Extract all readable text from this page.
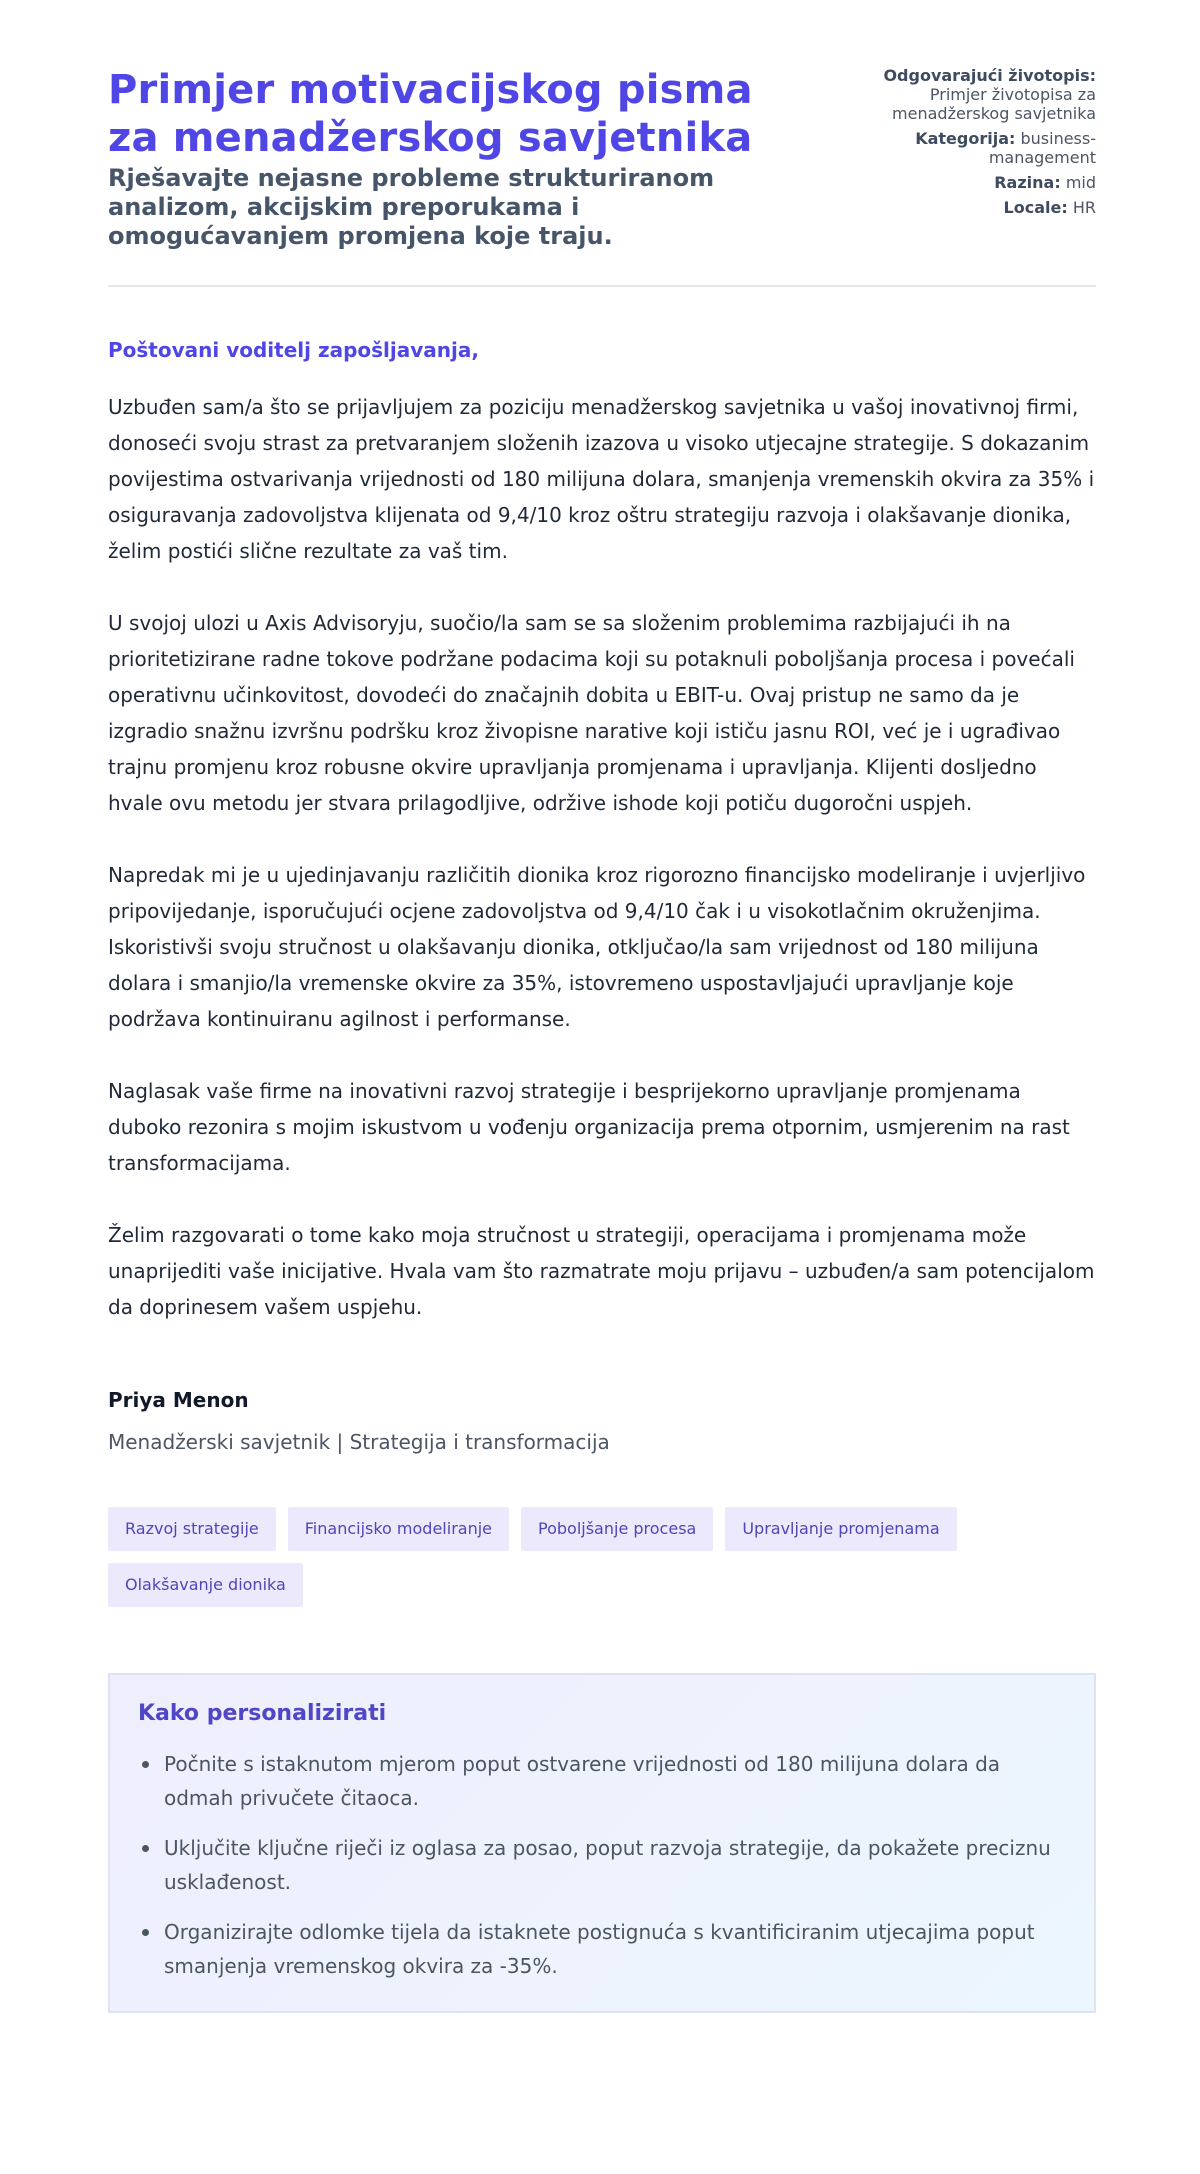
Primjer motivacijskog pisma za menadžerskog savjetnika
Rješavajte nejasne probleme strukturiranom analizom, akcijskim preporukama i omogućavanjem promjena koje traju.
Odgovarajući životopis: Primjer životopisa za menadžerskog savjetnika
Kategorija: business-management
Razina: mid
Locale: HR

Poštovani voditelj zapošljavanja,

Uzbuđen sam/a što se prijavljujem za poziciju menadžerskog savjetnika u vašoj inovativnoj firmi, donoseći svoju strast za pretvaranjem složenih izazova u visoko utjecajne strategije. S dokazanim povijestima ostvarivanja vrijednosti od 180 milijuna dolara, smanjenja vremenskih okvira za 35% i osiguravanja zadovoljstva klijenata od 9,4/10 kroz oštru strategiju razvoja i olakšavanje dionika, želim postići slične rezultate za vaš tim.

U svojoj ulozi u Axis Advisoryju, suočio/la sam se sa složenim problemima razbijajući ih na prioritetizirane radne tokove podržane podacima koji su potaknuli poboljšanja procesa i povećali operativnu učinkovitost, dovodeći do značajnih dobita u EBIT-u. Ovaj pristup ne samo da je izgradio snažnu izvršnu podršku kroz živopisne narative koji ističu jasnu ROI, već je i ugrađivao trajnu promjenu kroz robusne okvire upravljanja promjenama i upravljanja. Klijenti dosljedno hvale ovu metodu jer stvara prilagodljive, održive ishode koji potiču dugoročni uspjeh.

Napredak mi je u ujedinjavanju različitih dionika kroz rigorozno financijsko modeliranje i uvjerljivo pripovijedanje, isporučujući ocjene zadovoljstva od 9,4/10 čak i u visokotlačnim okruženjima. Iskoristivši svoju stručnost u olakšavanju dionika, otključao/la sam vrijednost od 180 milijuna dolara i smanjio/la vremenske okvire za 35%, istovremeno uspostavljajući upravljanje koje podržava kontinuiranu agilnost i performanse.

Naglasak vaše firme na inovativni razvoj strategije i besprijekorno upravljanje promjenama duboko rezonira s mojim iskustvom u vođenju organizacija prema otpornim, usmjerenim na rast transformacijama.

Želim razgovarati o tome kako moja stručnost u strategiji, operacijama i promjenama može unaprijediti vaše inicijative. Hvala vam što razmatrate moju prijavu – uzbuđen/a sam potencijalom da doprinesem vašem uspjehu.

Priya Menon
Menadžerski savjetnik | Strategija i transformacija
Razvoj strategije	Financijsko modeliranje	Poboljšanje procesa	Upravljanje promjenama
Olakšavanje dionika
Kako personalizirati
Počnite s istaknutom mjerom poput ostvarene vrijednosti od 180 milijuna dolara da odmah privučete čitaoca.
Uključite ključne riječi iz oglasa za posao, poput razvoja strategije, da pokažete preciznu usklađenost.
Organizirajte odlomke tijela da istaknete postignuća s kvantificiranim utjecajima poput smanjenja vremenskog okvira za -35%.
